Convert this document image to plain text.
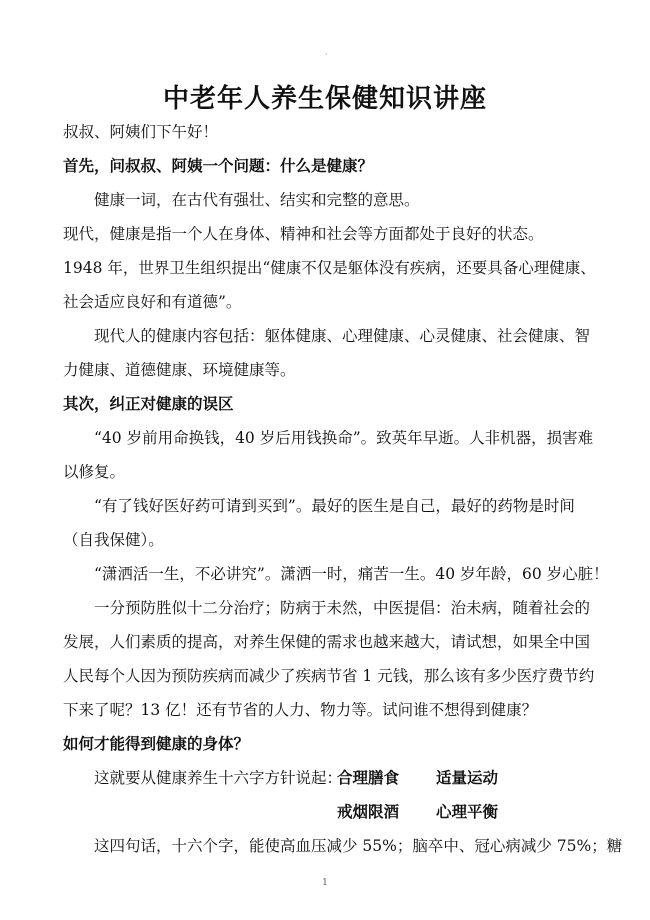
·
中老年人养生保健知识讲座

叔叔、阿姨们下午好！

首先，问叔叔、阿姨一个问题：什么是健康？

健康一词，在古代有强壮、结实和完整的意思。

现代，健康是指一个人在身体、精神和社会等方面都处于良好的状态。

1948 年，世界卫生组织提出“健康不仅是躯体没有疾病，还要具备心理健康、

社会适应良好和有道德”。

现代人的健康内容包括：躯体健康、心理健康、心灵健康、社会健康、智

力健康、道德健康、环境健康等。

其次，纠正对健康的误区

“40 岁前用命换钱，40 岁后用钱换命”。致英年早逝。人非机器，损害难

以修复。

“有了钱好医好药可请到买到”。最好的医生是自己，最好的药物是时间

（自我保健）。

“潇洒活一生，不必讲究”。潇洒一时，痛苦一生。40 岁年龄，60 岁心脏！

一分预防胜似十二分治疗；防病于未然，中医提倡：治未病，随着社会的

发展，人们素质的提高，对养生保健的需求也越来越大，请试想，如果全中国

人民每个人因为预防疾病而减少了疾病节省 1 元钱，那么该有多少医疗费节约

下来了呢？13 亿！还有节省的人力、物力等。试问谁不想得到健康？

如何才能得到健康的身体？

这就要从健康养生十六字方针说起：

合理膳食 适量运动
戒烟限酒 心理平衡

这四句话，十六个字，能使高血压减少 55%；脑卒中、冠心病减少 75%；糖

1
